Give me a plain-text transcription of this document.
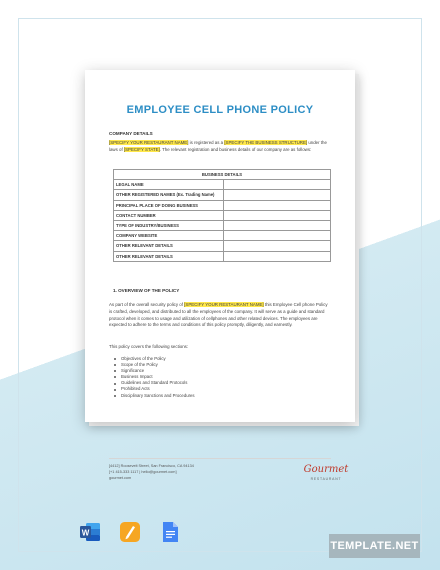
EMPLOYEE CELL PHONE POLICY
COMPANY DETAILS
[SPECIFY YOUR RESTAURANT NAME] is registered as a [SPECIFY THE BUSINESS STRUCTURE] under the laws of [SPECIFY STATE]. The relevant registration and business details of our company are as follows:
BUSINESS DETAILS	
LEGAL NAME	
OTHER REGISTERED NAMES (Ex. Trading Name)	
PRINCIPAL PLACE OF DOING BUSINESS	
CONTACT NUMBER	
TYPE OF INDUSTRY/BUSINESS	
COMPANY WEBSITE	
OTHER RELEVANT DETAILS	
OTHER RELEVANT DETAILS	
1. OVERVIEW OF THE POLICY
As part of the overall security policy of [SPECIFY YOUR RESTAURANT NAME] this Employee Cell phone Policy is crafted, developed, and distributed to all the employees of the company. It will serve as a guide and standard protocol when it comes to usage and utilization of cellphones and other related devices. The employees are expected to adhere to the terms and conditions of this policy promptly, diligently, and earnestly.
This policy covers the following sections:
Objectives of the Policy
Scope of the Policy
Significance
Business Impact
Guidelines and Standard Protocols
Prohibited Acts
Disciplinary Sanctions and Procedures
[4412] Roosevelt Street, San Francisco, CA 94134
[+1 415-333 1117 | hello@gourmet.com]
gourmet.com
Gourmet
RESTAURANT
W
TEMPLATE.NET
